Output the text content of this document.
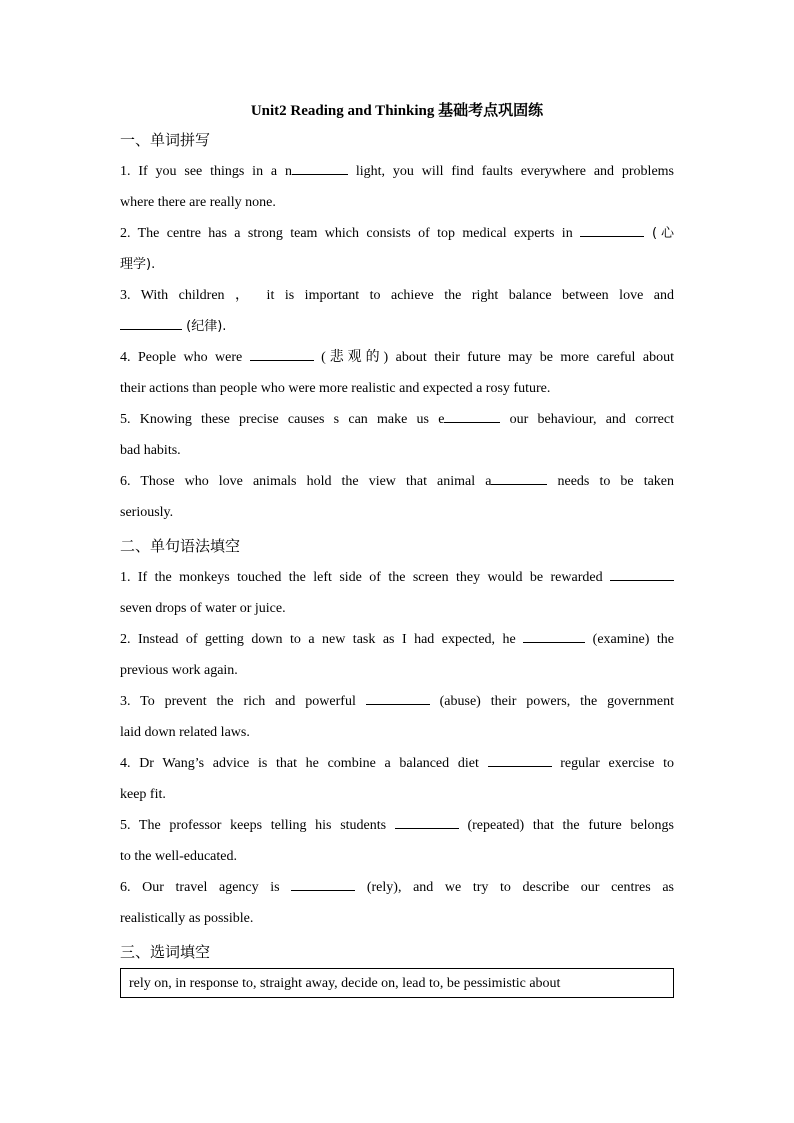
Unit2 Reading and Thinking 基础考点巩固练
一、单词拼写
1. If you see things in a n	light, you will find faults everywhere and problems
where there are really none.
2. The centre has a strong team which consists of top medical experts in	(心
理学).
3. With children ， it is important to achieve the right balance between love and
(纪律).
4. People who were	(悲观的) about their future may be more careful about
their actions than people who were more realistic and expected a rosy future.
5. Knowing these precise causes s can make us e	our behaviour, and correct
bad habits.
6. Those who love animals hold the view that animal a	needs to be taken
seriously.
二、单句语法填空
1. If the monkeys touched the left side of the screen they would be rewarded
seven drops of water or juice.
2. Instead of getting down to a new task as I had expected, he	(examine) the
previous work again.
3. To prevent the rich and powerful	(abuse) their powers, the government
laid down related laws.
4. Dr Wang’s advice is that he combine a balanced diet	regular exercise to
keep fit.
5. The professor keeps telling his students	(repeated) that the future belongs
to the well-educated.
6. Our travel agency is	(rely), and we try to describe our centres as
realistically as possible.
三、选词填空
rely on, in response to, straight away, decide on, lead to, be pessimistic about
